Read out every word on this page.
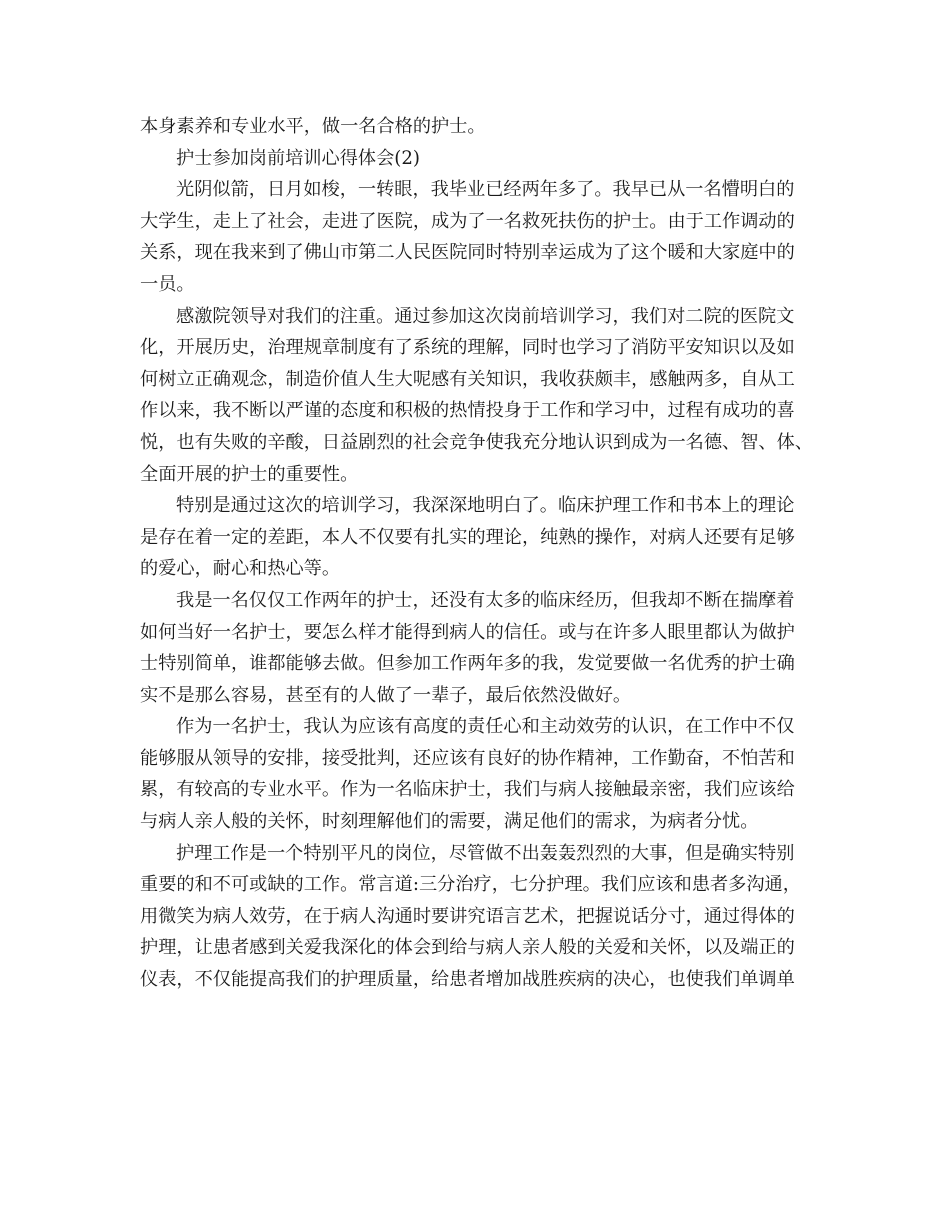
本身素养和专业水平，做一名合格的护士。
护士参加岗前培训心得体会(2)
光阴似箭，日月如梭，一转眼，我毕业已经两年多了。我早已从一名懵明白的
大学生，走上了社会，走进了医院，成为了一名救死扶伤的护士。由于工作调动的
关系，现在我来到了佛山市第二人民医院同时特别幸运成为了这个暖和大家庭中的
一员。
感激院领导对我们的注重。通过参加这次岗前培训学习，我们对二院的医院文
化，开展历史，治理规章制度有了系统的理解，同时也学习了消防平安知识以及如
何树立正确观念，制造价值人生大呢感有关知识，我收获颇丰，感触两多，自从工
作以来，我不断以严谨的态度和积极的热情投身于工作和学习中，过程有成功的喜
悦，也有失败的辛酸，日益剧烈的社会竞争使我充分地认识到成为一名德、智、体、
全面开展的护士的重要性。
特别是通过这次的培训学习，我深深地明白了。临床护理工作和书本上的理论
是存在着一定的差距，本人不仅要有扎实的理论，纯熟的操作，对病人还要有足够
的爱心，耐心和热心等。
我是一名仅仅工作两年的护士，还没有太多的临床经历，但我却不断在揣摩着
如何当好一名护士，要怎么样才能得到病人的信任。或与在许多人眼里都认为做护
士特别简单，谁都能够去做。但参加工作两年多的我，发觉要做一名优秀的护士确
实不是那么容易，甚至有的人做了一辈子，最后依然没做好。
作为一名护士，我认为应该有高度的责任心和主动效劳的认识，在工作中不仅
能够服从领导的安排，接受批判，还应该有良好的协作精神，工作勤奋，不怕苦和
累，有较高的专业水平。作为一名临床护士，我们与病人接触最亲密，我们应该给
与病人亲人般的关怀，时刻理解他们的需要，满足他们的需求，为病者分忧。
护理工作是一个特别平凡的岗位，尽管做不出轰轰烈烈的大事，但是确实特别
重要的和不可或缺的工作。常言道:三分治疗，七分护理。我们应该和患者多沟通，
用微笑为病人效劳，在于病人沟通时要讲究语言艺术，把握说话分寸，通过得体的
护理，让患者感到关爱我深化的体会到给与病人亲人般的关爱和关怀，以及端正的
仪表，不仅能提高我们的护理质量，给患者增加战胜疾病的决心，也使我们单调单
